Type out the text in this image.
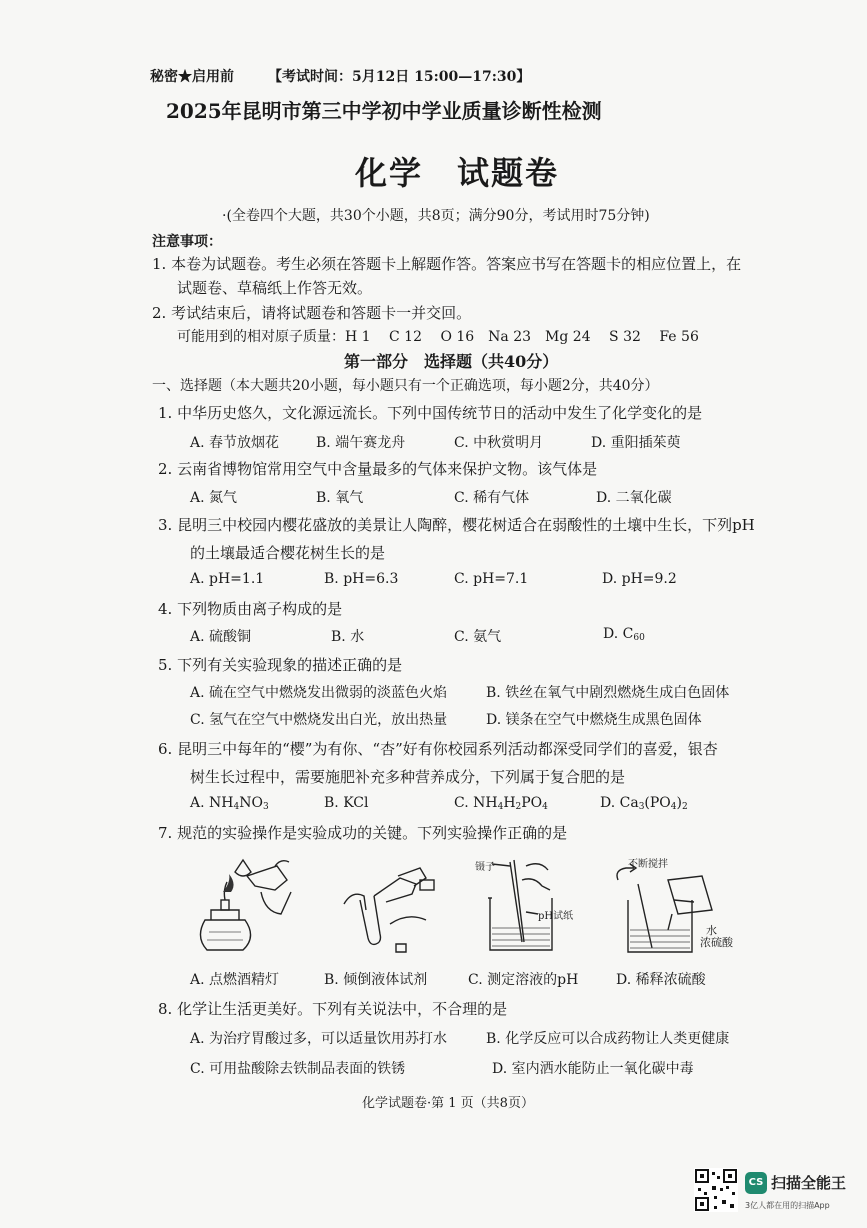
秘密★启用前 【考试时间：5月12日 15:00—17:30】
2025年昆明市第三中学初中学业质量诊断性检测
化学　试题卷
·(全卷四个大题，共30个小题，共8页；满分90分，考试用时75分钟)
注意事项：
1. 本卷为试题卷。考生必须在答题卡上解题作答。答案应书写在答题卡的相应位置上，在
试题卷、草稿纸上作答无效。
2. 考试结束后，请将试题卷和答题卡一并交回。
可能用到的相对原子质量：H 1　 C 12　 O 16　Na 23　Mg 24　 S 32　 Fe 56
第一部分　选择题（共40分）
一、选择题（本大题共20小题，每小题只有一个正确选项，每小题2分，共40分）
1. 中华历史悠久，文化源远流长。下列中国传统节日的活动中发生了化学变化的是
A. 春节放烟花	B. 端午赛龙舟	C. 中秋赏明月	D. 重阳插茱萸
2. 云南省博物馆常用空气中含量最多的气体来保护文物。该气体是
A. 氮气	B. 氧气	C. 稀有气体	D. 二氧化碳
3. 昆明三中校园内樱花盛放的美景让人陶醉，樱花树适合在弱酸性的土壤中生长，下列pH
的土壤最适合樱花树生长的是
A. pH=1.1	B. pH=6.3	C. pH=7.1	D. pH=9.2
4. 下列物质由离子构成的是
A. 硫酸铜	B. 水	C. 氨气	D. $C_{60}$
5. 下列有关实验现象的描述正确的是
A. 硫在空气中燃烧发出微弱的淡蓝色火焰	B. 铁丝在氧气中剧烈燃烧生成白色固体
C. 氢气在空气中燃烧发出白光，放出热量	D. 镁条在空气中燃烧生成黑色固体
6. 昆明三中每年的“樱”为有你、“杏”好有你校园系列活动都深受同学们的喜爱，银杏
树生长过程中，需要施肥补充多种营养成分，下列属于复合肥的是
A. $NH_4NO_3$	B. KCl	C. $NH_4H_2PO_4$	D. $Ca_3(PO_4)_2$
7. 规范的实验操作是实验成功的关键。下列实验操作正确的是
镊子
pH试纸
不断搅拌
水
浓硫酸
A. 点燃酒精灯	B. 倾倒液体试剂	C. 测定溶液的pH	D. 稀释浓硫酸
8. 化学让生活更美好。下列有关说法中，不合理的是
A. 为治疗胃酸过多，可以适量饮用苏打水	B. 化学反应可以合成药物让人类更健康
C. 可用盐酸除去铁制品表面的铁锈	D. 室内洒水能防止一氧化碳中毒
化学试题卷·第 1 页（共8页）
CS 扫描全能王
3亿人都在用的扫描App
